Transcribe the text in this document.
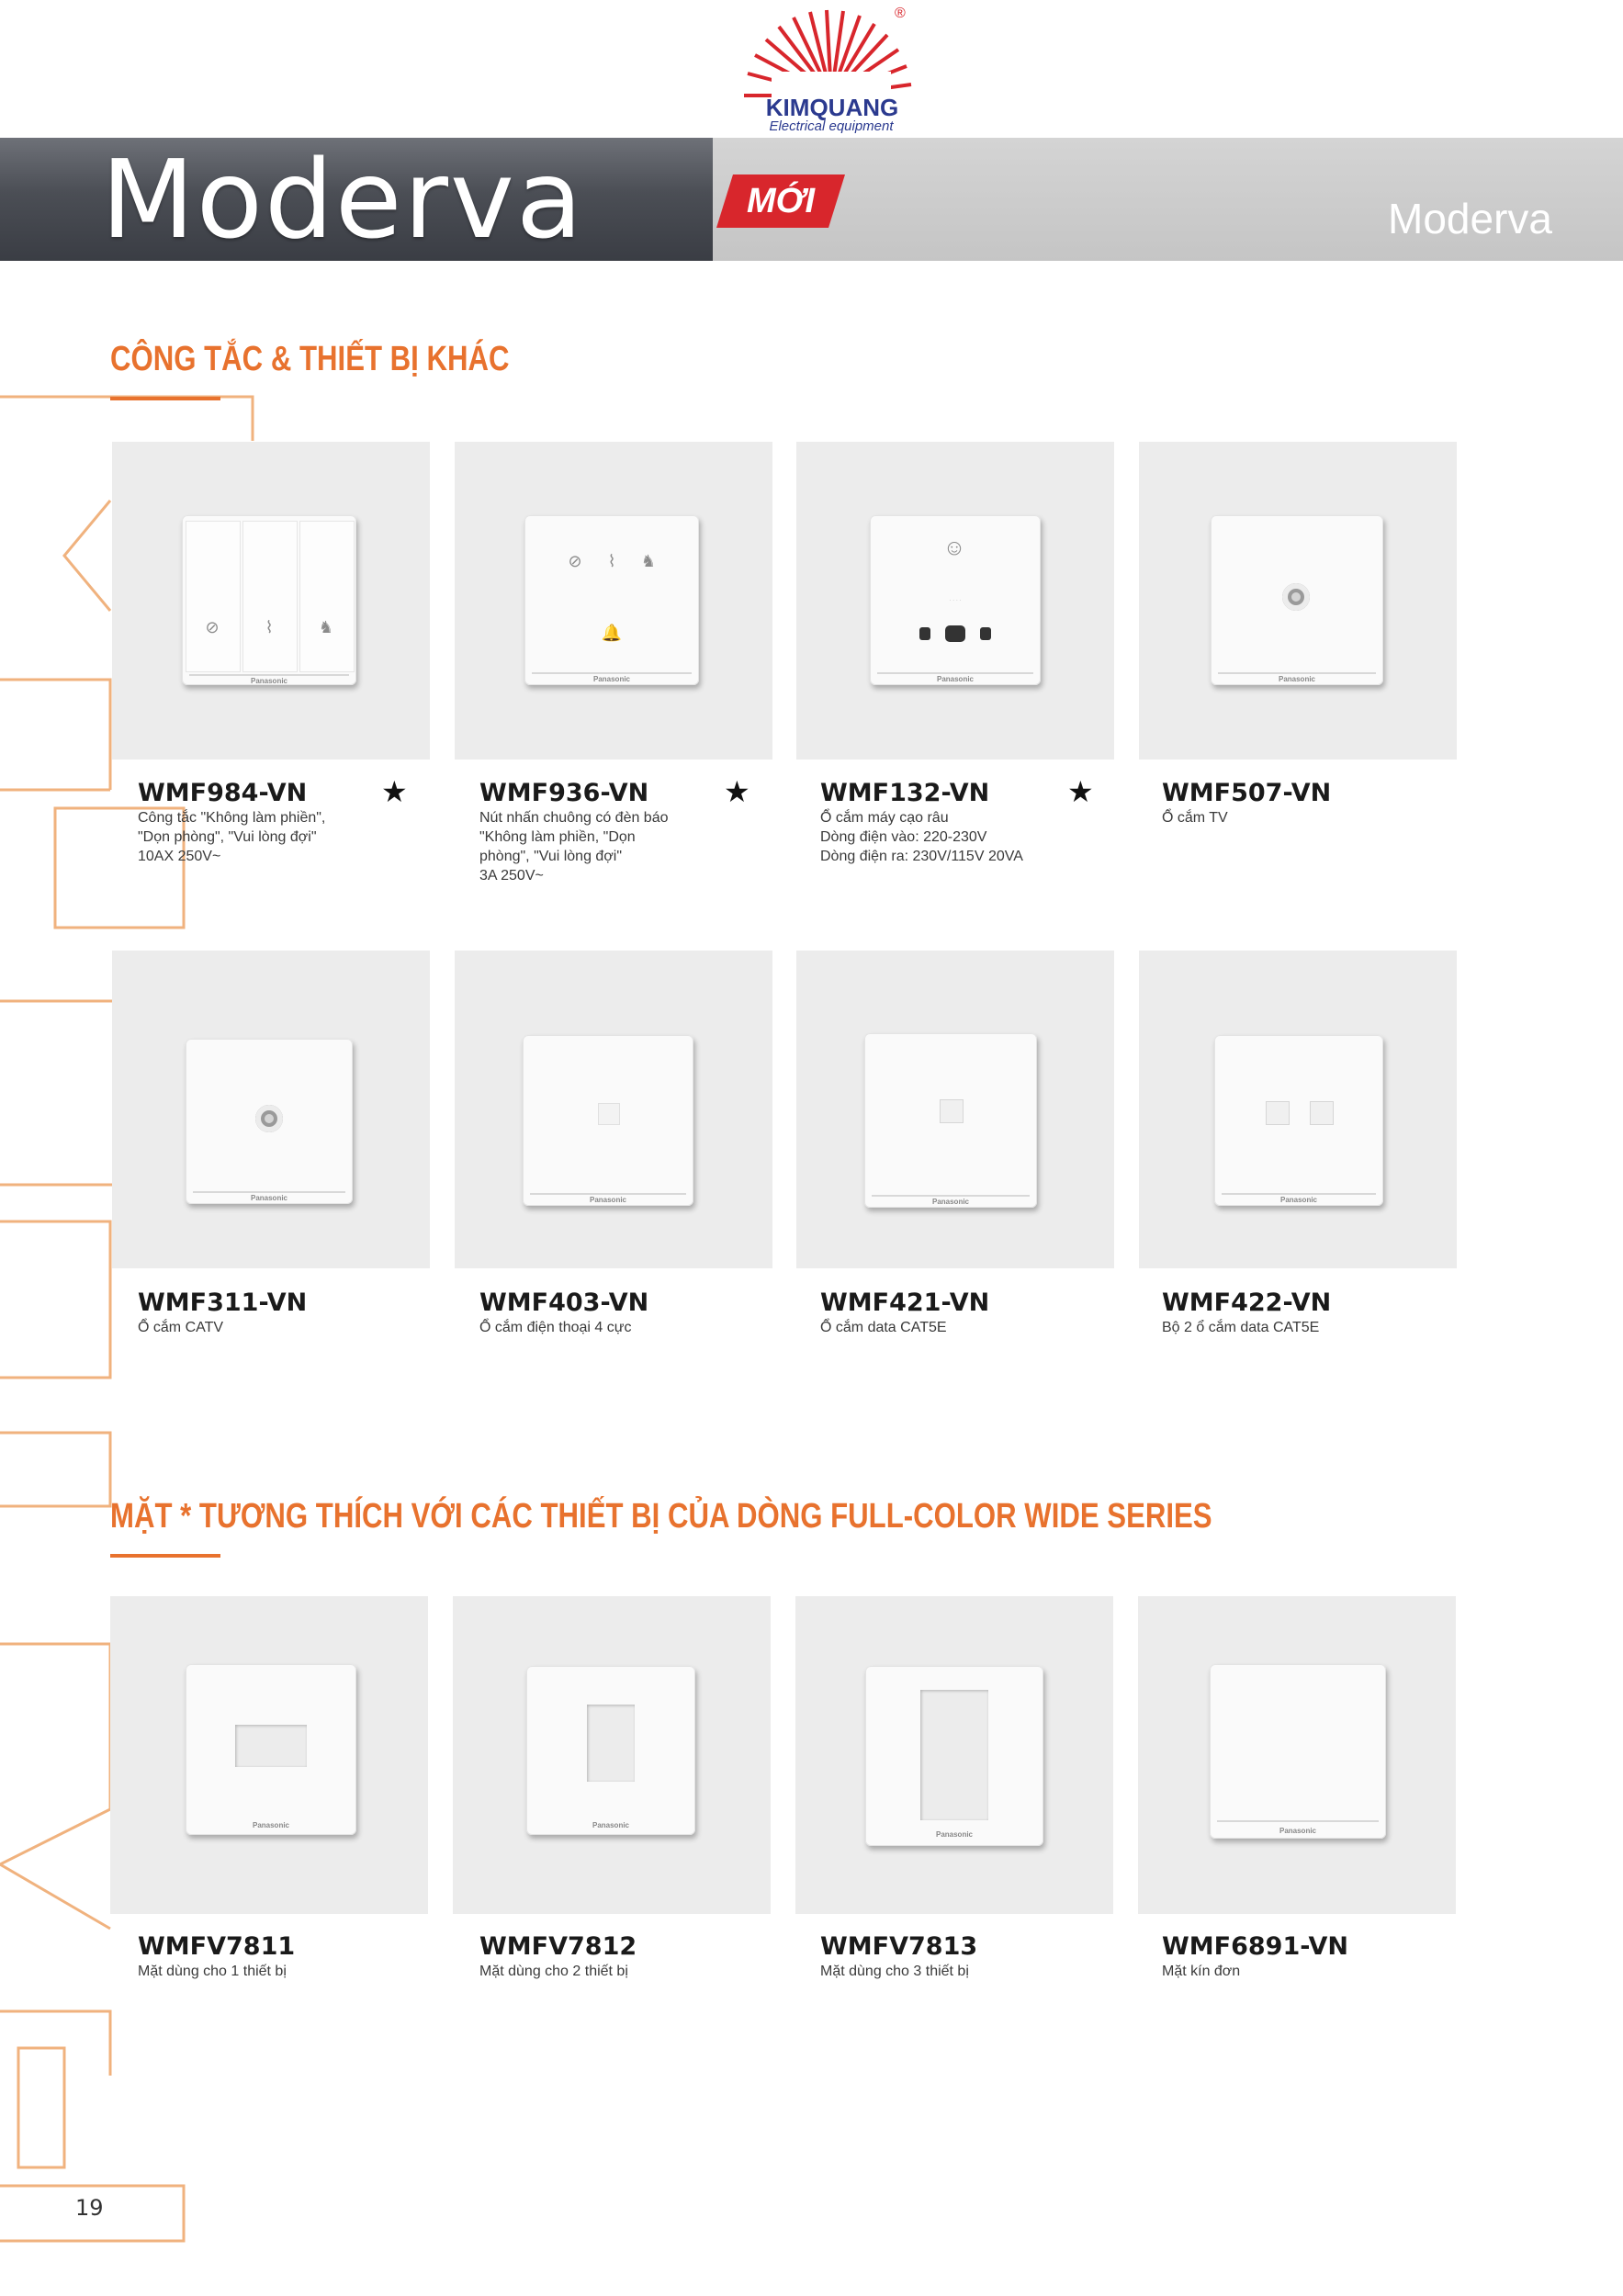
®
KIMQUANG
Electrical equipment
Moderva	MỚI	Moderva
CÔNG TẮC & THIẾT BỊ KHÁC
⊘	⌇	♞
Panasonic
WMF984-VN	★
Công tắc "Không làm phiền",
"Dọn phòng", "Vui lòng đợi"
10AX 250V~
⊘	⌇	♞
🔔
Panasonic
WMF936-VN	★
Nút nhấn chuông có đèn báo
"Không làm phiền, "Dọn
phòng", "Vui lòng đợi"
3A 250V~
☺
· · · ·
Panasonic
WMF132-VN	★
Ổ cắm máy cạo râu
Dòng điện vào: 220-230V
Dòng điện ra: 230V/115V 20VA
Panasonic
WMF507-VN
Ổ cắm TV
Panasonic
WMF311-VN
Ổ cắm CATV
Panasonic
WMF403-VN
Ổ cắm điện thoại 4 cực
Panasonic
WMF421-VN
Ổ cắm data CAT5E
Panasonic
WMF422-VN
Bộ 2 ổ cắm data CAT5E
MẶT * TƯƠNG THÍCH VỚI CÁC THIẾT BỊ CỦA DÒNG FULL-COLOR WIDE SERIES
Panasonic
WMFV7811
Mặt dùng cho 1 thiết bị
Panasonic
WMFV7812
Mặt dùng cho 2 thiết bị
Panasonic
WMFV7813
Mặt dùng cho 3 thiết bị
Panasonic
WMF6891-VN
Mặt kín đơn
19
